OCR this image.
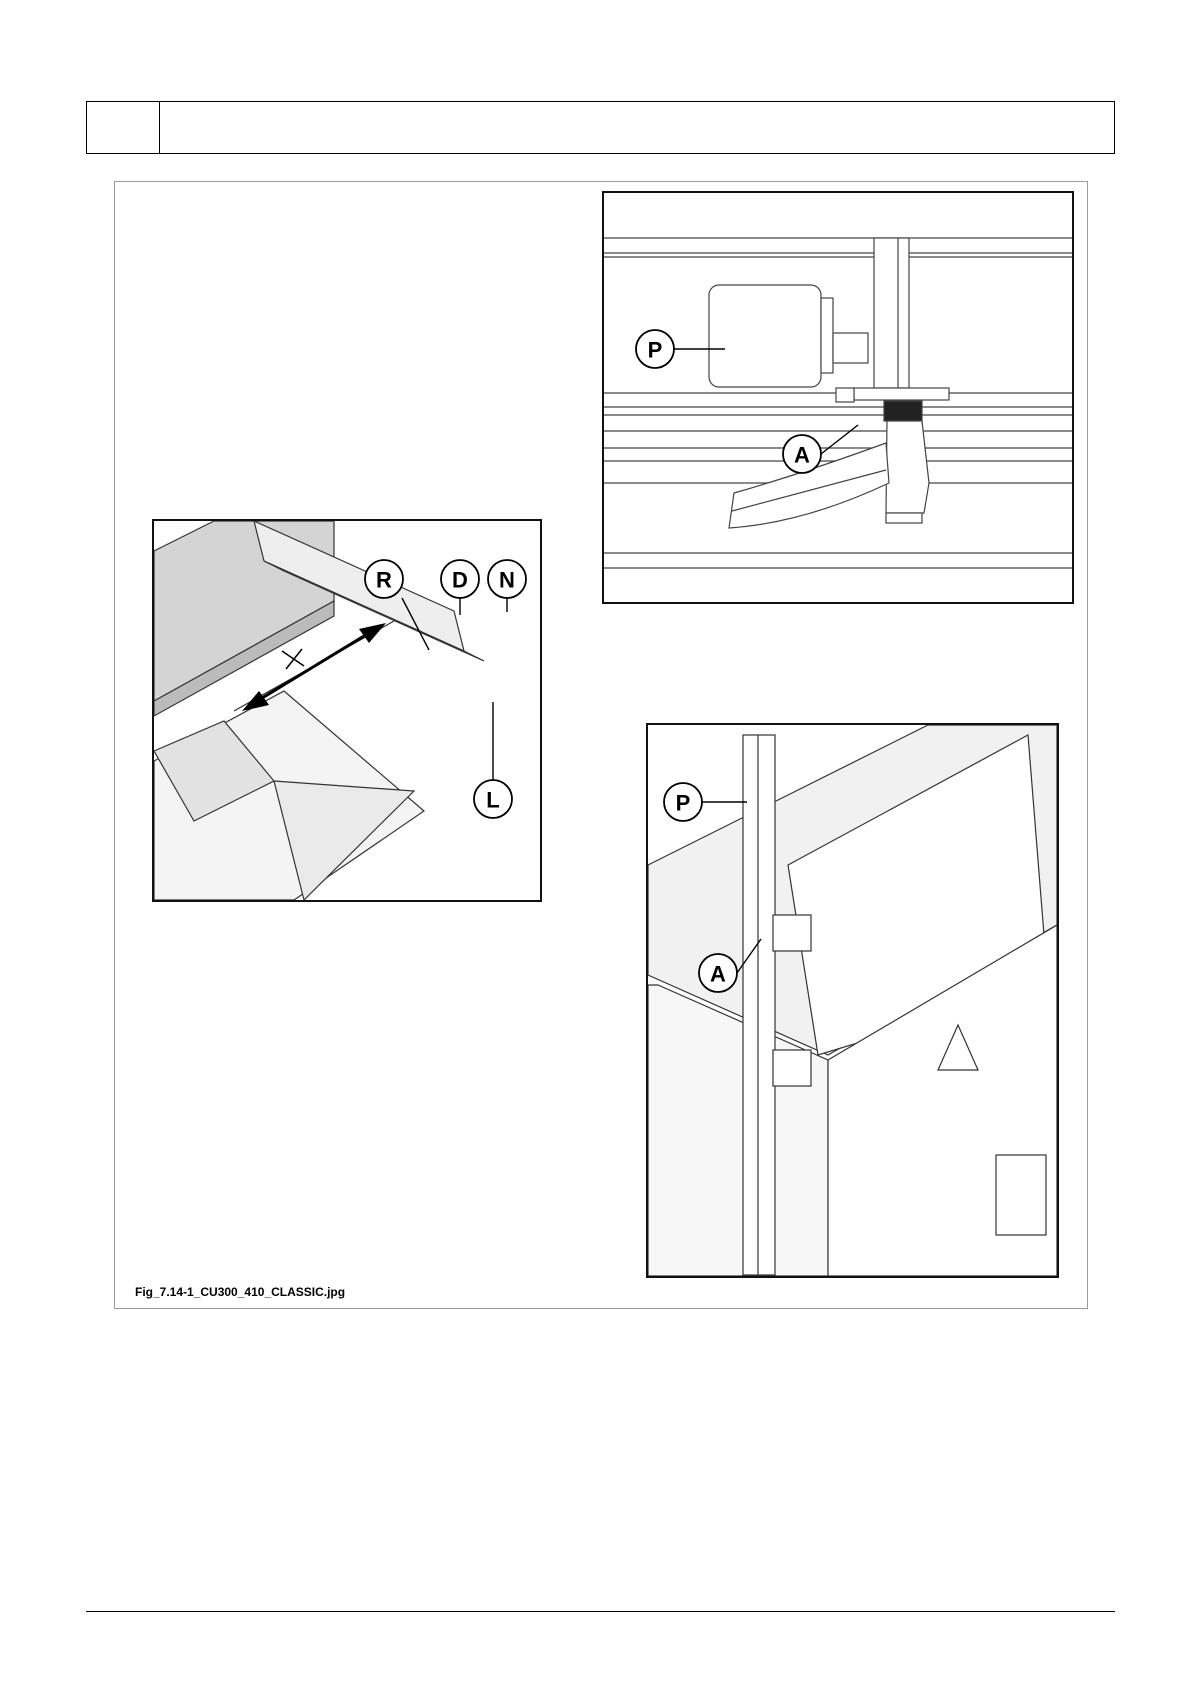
P
A
R	D N
L	P
A
Fig_7.14-1_CU300_410_CLASSIC.jpg
